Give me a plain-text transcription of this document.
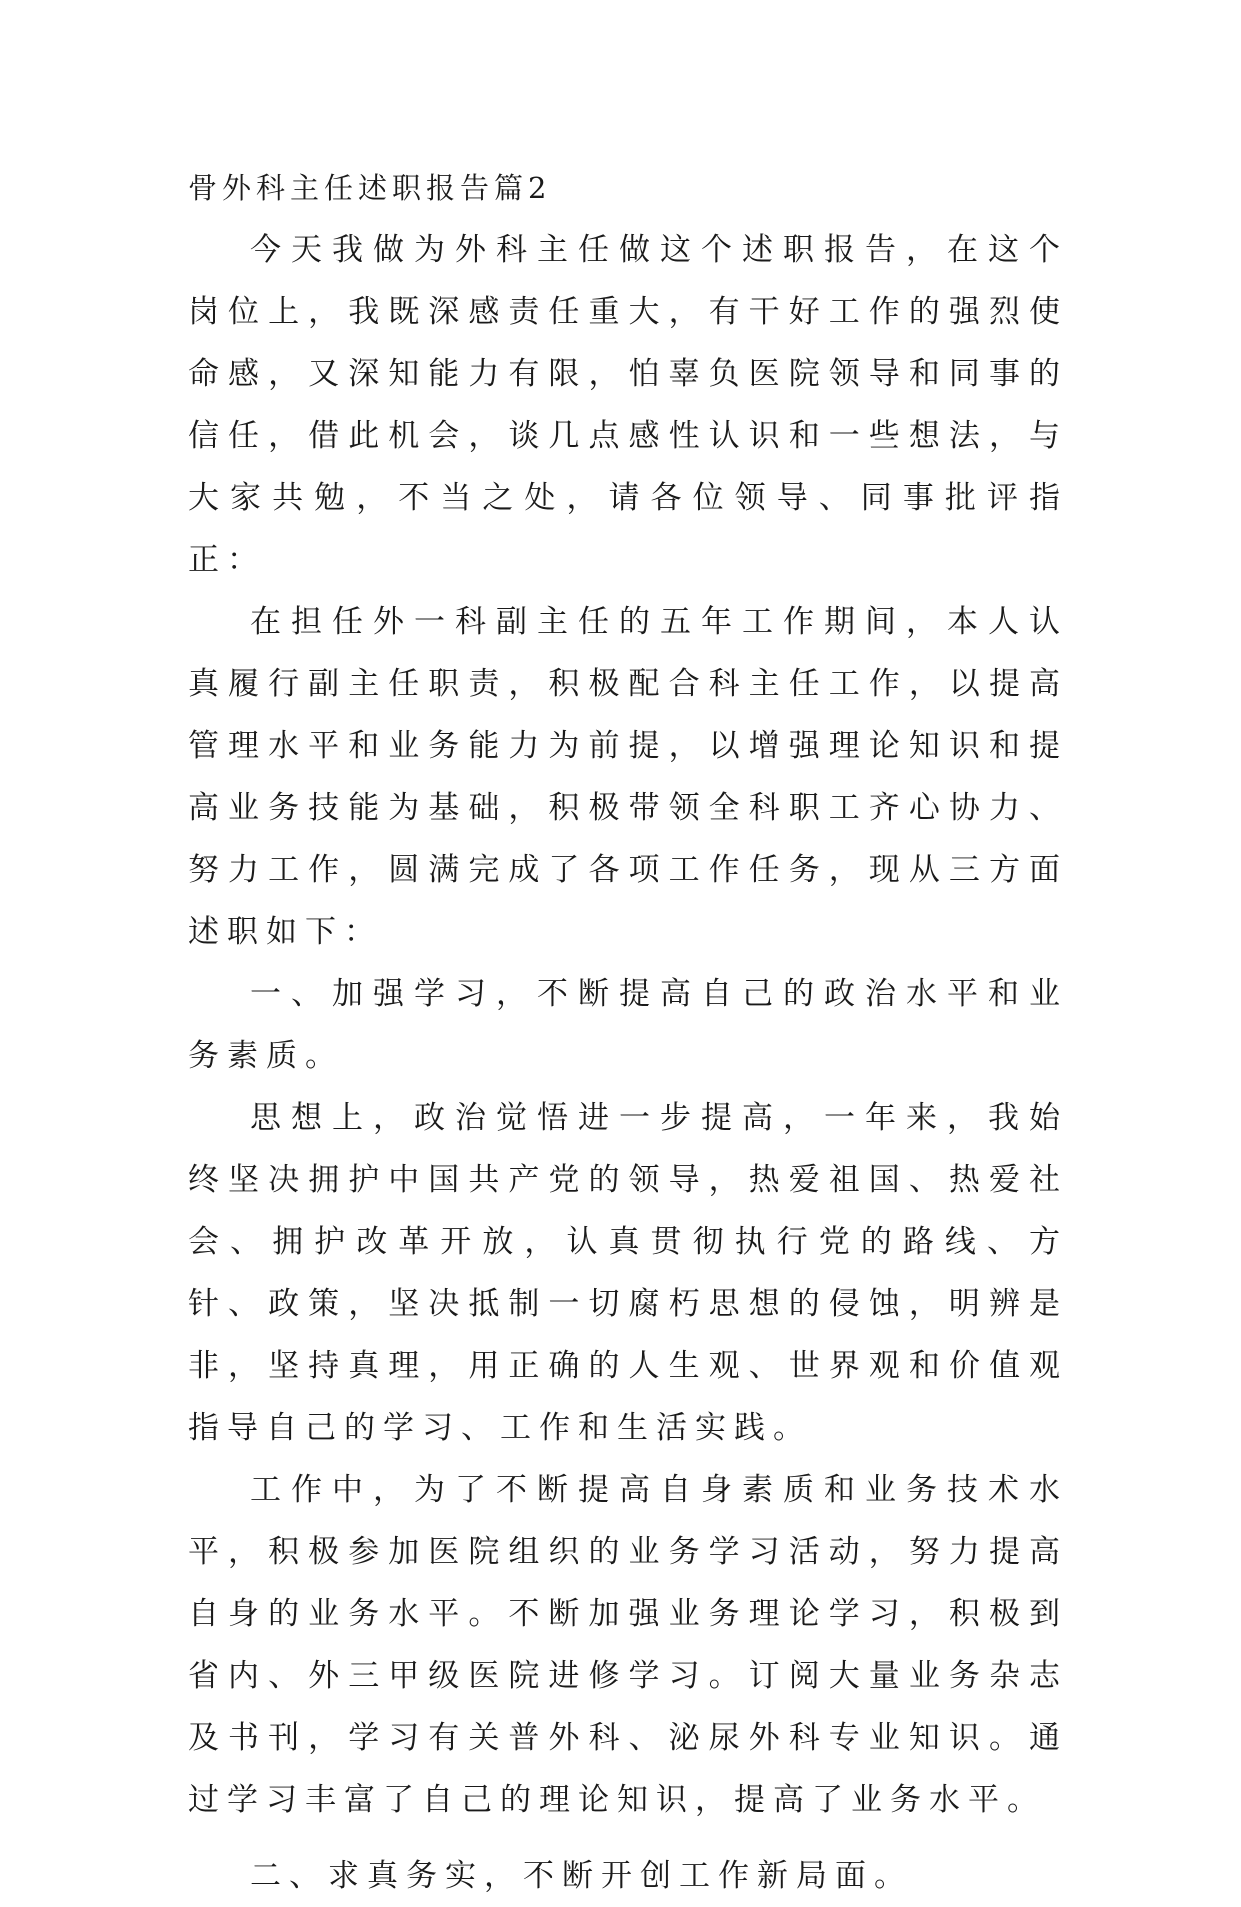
骨外科主任述职报告篇2

今天我做为外科主任做这个述职报告，在这个岗位上，我既深感责任重大，有干好工作的强烈使命感，又深知能力有限，怕辜负医院领导和同事的信任，借此机会，谈几点感性认识和一些想法，与大家共勉，不当之处，请各位领导、同事批评指正：

在担任外一科副主任的五年工作期间，本人认真履行副主任职责，积极配合科主任工作，以提高管理水平和业务能力为前提，以增强理论知识和提高业务技能为基础，积极带领全科职工齐心协力、努力工作，圆满完成了各项工作任务，现从三方面述职如下：

一、加强学习，不断提高自己的政治水平和业务素质。

思想上，政治觉悟进一步提高，一年来，我始终坚决拥护中国共产党的领导，热爱祖国、热爱社会、拥护改革开放，认真贯彻执行党的路线、方针、政策，坚决抵制一切腐朽思想的侵蚀，明辨是非，坚持真理，用正确的人生观、世界观和价值观指导自己的学习、工作和生活实践。

工作中，为了不断提高自身素质和业务技术水平，积极参加医院组织的业务学习活动，努力提高自身的业务水平。不断加强业务理论学习，积极到省内、外三甲级医院进修学习。订阅大量业务杂志及书刊，学习有关普外科、泌尿外科专业知识。通过学习丰富了自己的理论知识，提高了业务水平。

二、求真务实，不断开创工作新局面。
